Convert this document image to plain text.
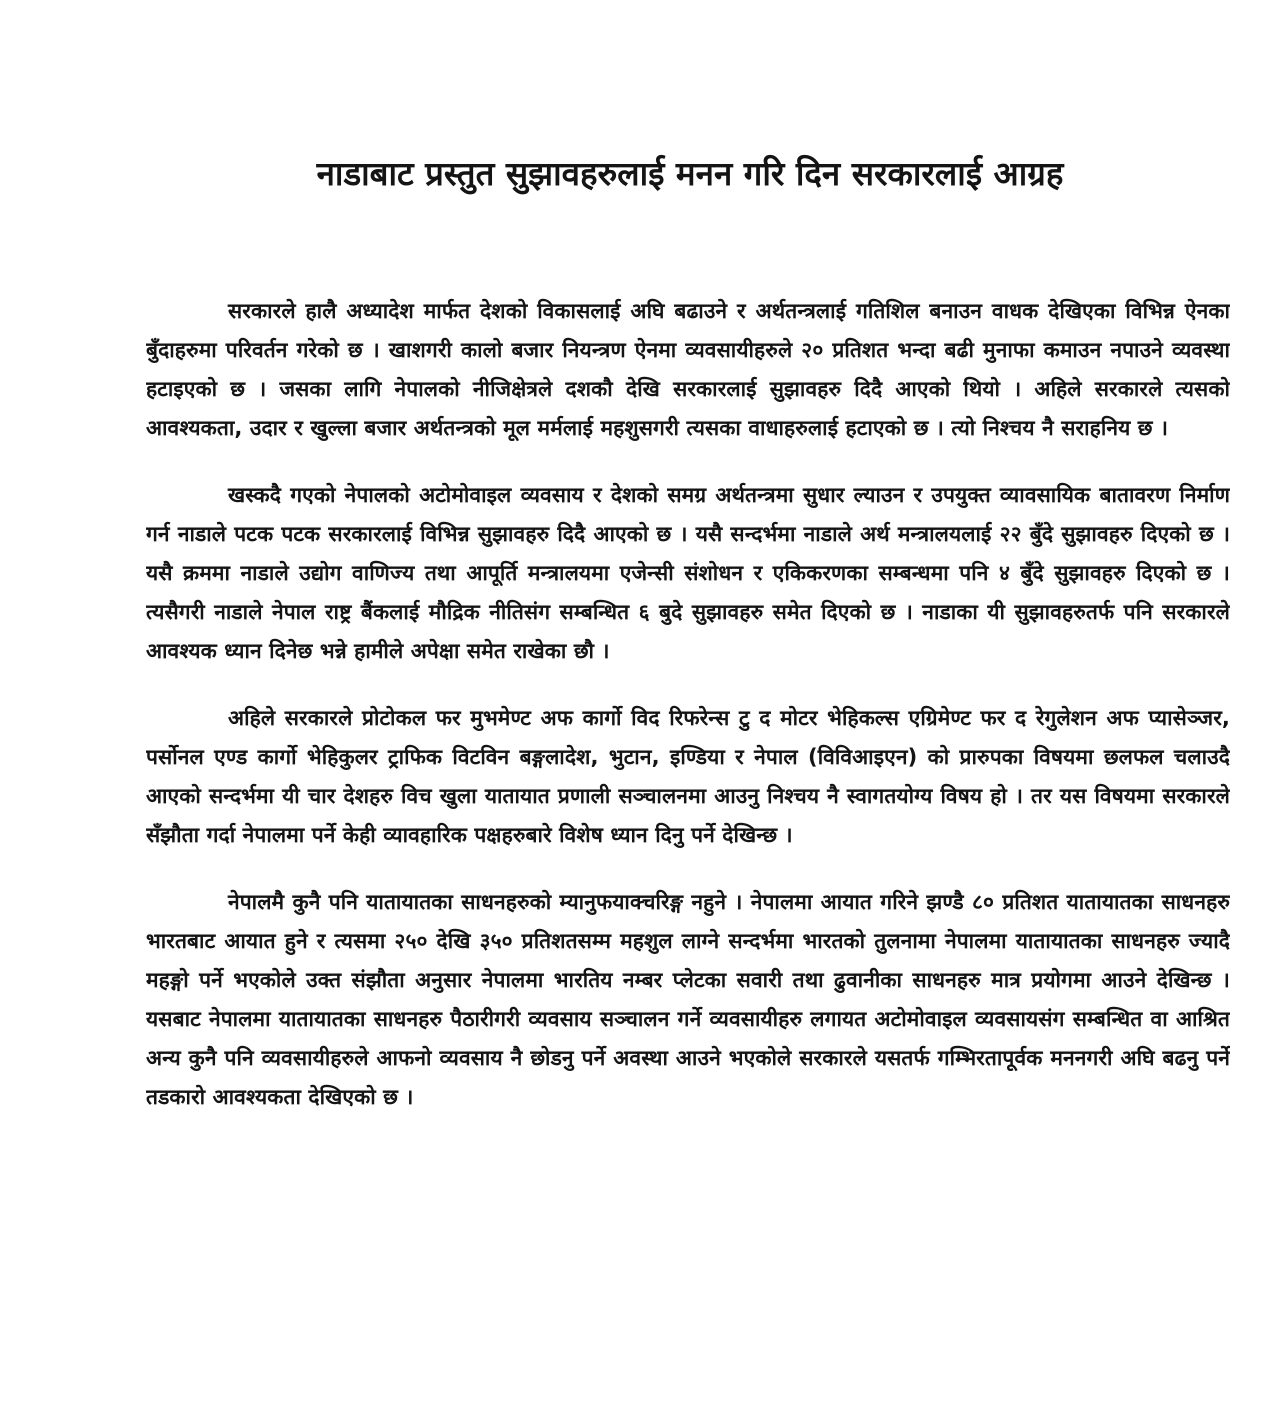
नाडाबाट प्रस्तुत सुझावहरुलाई मनन गरि दिन सरकारलाई आग्रह

सरकारले हालै अध्यादेश मार्फत देशको विकासलाई अघि बढाउने र अर्थतन्त्रलाई गतिशिल बनाउन वाधक देखिएका विभिन्न ऐनका बुँदाहरुमा परिवर्तन गरेको छ । खाशगरी कालो बजार नियन्त्रण ऐनमा व्यवसायीहरुले २० प्रतिशत भन्दा बढी मुनाफा कमाउन नपाउने व्यवस्था हटाइएको छ । जसका लागि नेपालको नीजिक्षेत्रले दशकौ देखि सरकारलाई सुझावहरु दिदै आएको थियो । अहिले सरकारले त्यसको आवश्यकता, उदार र खुल्ला बजार अर्थतन्त्रको मूल मर्मलाई महशुसगरी त्यसका वाधाहरुलाई हटाएको छ । त्यो निश्चय नै सराहनिय छ ।

खस्कदै गएको नेपालको अटोमोवाइल व्यवसाय र देशको समग्र अर्थतन्त्रमा सुधार ल्याउन र उपयुक्त व्यावसायिक बातावरण निर्माण गर्न नाडाले पटक पटक सरकारलाई विभिन्न सुझावहरु दिदै आएको छ । यसै सन्दर्भमा नाडाले अर्थ मन्त्रालयलाई २२ बुँदे सुझावहरु दिएको छ । यसै क्रममा नाडाले उद्योग वाणिज्य तथा आपूर्ति मन्त्रालयमा एजेन्सी संशोधन र एकिकरणका सम्बन्धमा पनि ४ बुँदे सुझावहरु दिएको छ । त्यसैगरी नाडाले नेपाल राष्ट्र बैंकलाई मौद्रिक नीतिसंग सम्बन्धित ६ बुदे सुझावहरु समेत दिएको छ । नाडाका यी सुझावहरुतर्फ पनि सरकारले आवश्यक ध्यान दिनेछ भन्ने हामीले अपेक्षा समेत राखेका छौ ।

अहिले सरकारले प्रोटोकल फर मुभमेण्ट अफ कार्गो विद रिफरेन्स टु द मोटर भेहिकल्स एग्रिमेण्ट फर द रेगुलेशन अफ प्यासेञ्जर, पर्सोनल एण्ड कार्गो भेहिकुलर ट्राफिक विटविन बङ्गलादेश, भुटान, इण्डिया र नेपाल (विविआइएन) को प्रारुपका विषयमा छलफल चलाउदै आएको सन्दर्भमा यी चार देशहरु विच खुला यातायात प्रणाली सञ्चालनमा आउनु निश्चय नै स्वागतयोग्य विषय हो । तर यस विषयमा सरकारले सँझौता गर्दा नेपालमा पर्ने केही व्यावहारिक पक्षहरुबारे विशेष ध्यान दिनु पर्ने देखिन्छ ।

नेपालमै कुनै पनि यातायातका साधनहरुको म्यानुफयाक्चरिङ्ग नहुने । नेपालमा आयात गरिने झण्डै ८० प्रतिशत यातायातका साधनहरु भारतबाट आयात हुने र त्यसमा २५० देखि ३५० प्रतिशतसम्म महशुल लाग्ने सन्दर्भमा भारतको तुलनामा नेपालमा यातायातका साधनहरु ज्यादै महङ्गो पर्ने भएकोले उक्त संझौता अनुसार नेपालमा भारतिय नम्बर प्लेटका सवारी तथा ढुवानीका साधनहरु मात्र प्रयोगमा आउने देखिन्छ । यसबाट नेपालमा यातायातका साधनहरु पैठारीगरी व्यवसाय सञ्चालन गर्ने व्यवसायीहरु लगायत अटोमोवाइल व्यवसायसंग सम्बन्धित वा आश्रित अन्य कुनै पनि व्यवसायीहरुले आफनो व्यवसाय नै छोडनु पर्ने अवस्था आउने भएकोले सरकारले यसतर्फ गम्भिरतापूर्वक मननगरी अघि बढनु पर्ने तडकारो आवश्यकता देखिएको छ ।
